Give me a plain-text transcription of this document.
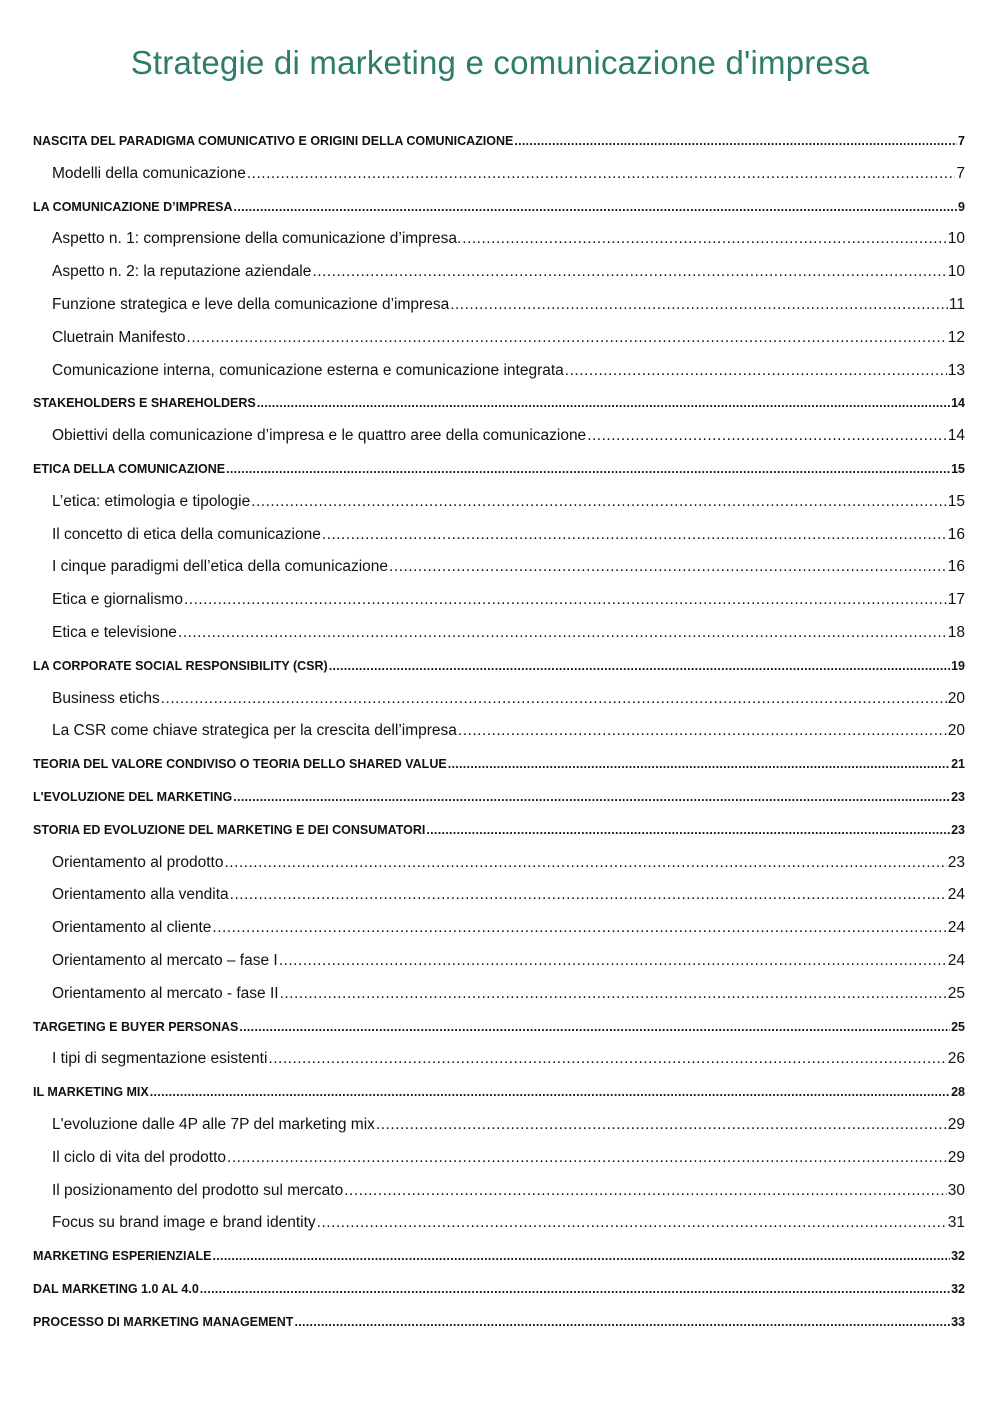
Strategie di marketing e comunicazione d'impresa
NASCITA DEL PARADIGMA COMUNICATIVO E ORIGINI DELLA COMUNICAZIONE .....	7
Modelli della comunicazione .....	7
LA COMUNICAZIONE D’IMPRESA .....	9
Aspetto n. 1: comprensione della comunicazione d’impresa. .....	10
Aspetto n. 2: la reputazione aziendale .....	10
Funzione strategica e leve della comunicazione d’impresa .....	11
Cluetrain Manifesto .....	12
Comunicazione interna, comunicazione esterna e comunicazione integrata .....	13
STAKEHOLDERS E SHAREHOLDERS .....	14
Obiettivi della comunicazione d’impresa e le quattro aree della comunicazione .....	14
ETICA DELLA COMUNICAZIONE .....	15
L’etica: etimologia e tipologie .....	15
Il concetto di etica della comunicazione .....	16
I cinque paradigmi dell’etica della comunicazione .....	16
Etica e giornalismo .....	17
Etica e televisione .....	18
LA CORPORATE SOCIAL RESPONSIBILITY (CSR) .....	19
Business etichs .....	20
La CSR come chiave strategica per la crescita dell’impresa .....	20
TEORIA DEL VALORE CONDIVISO O TEORIA DELLO SHARED VALUE .....	21
L'EVOLUZIONE DEL MARKETING .....	23
STORIA ED EVOLUZIONE DEL MARKETING E DEI CONSUMATORI .....	23
Orientamento al prodotto .....	23
Orientamento alla vendita .....	24
Orientamento al cliente .....	24
Orientamento al mercato – fase I .....	24
Orientamento al mercato - fase II .....	25
TARGETING E BUYER PERSONAS .....	25
I tipi di segmentazione esistenti .....	26
IL MARKETING MIX .....	28
L'evoluzione dalle 4P alle 7P del marketing mix .....	29
Il ciclo di vita del prodotto .....	29
Il posizionamento del prodotto sul mercato .....	30
Focus su brand image e brand identity .....	31
MARKETING ESPERIENZIALE .....	32
DAL MARKETING 1.0 AL 4.0 .....	32
PROCESSO DI MARKETING MANAGEMENT .....	33
